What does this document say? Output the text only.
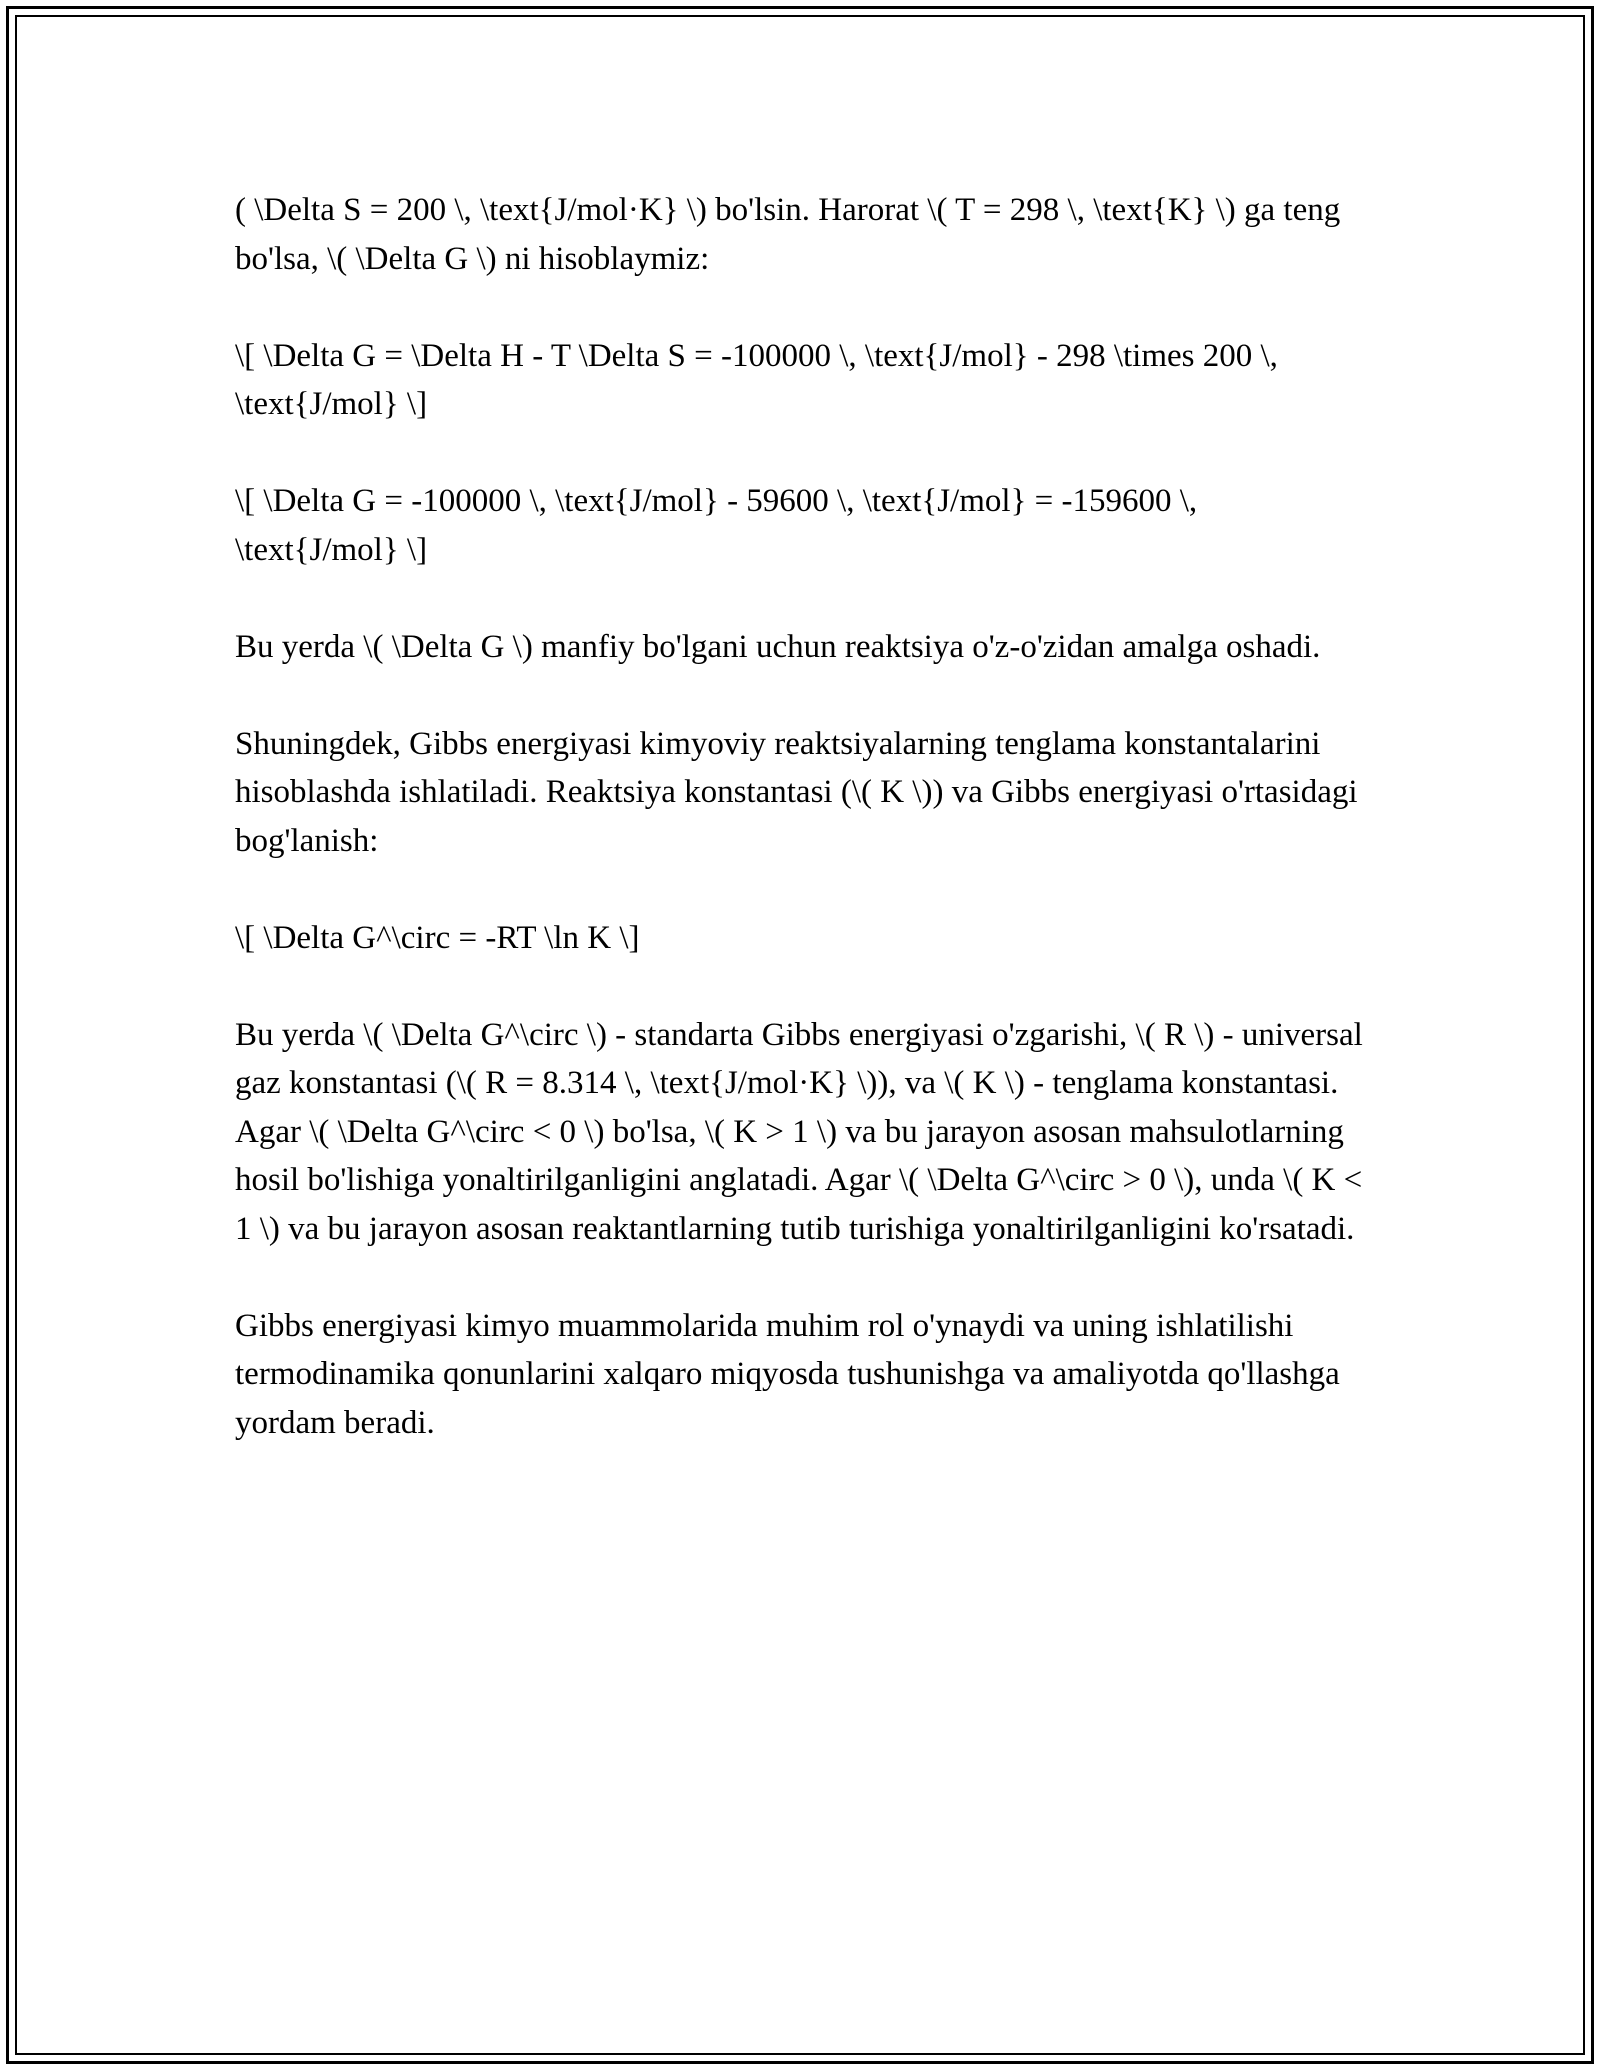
( \Delta S = 200 \, \text{J/mol·K} \) bo'lsin. Harorat \( T = 298 \, \text{K} \) ga teng bo'lsa, \( \Delta G \) ni hisoblaymiz:

\[ \Delta G = \Delta H - T \Delta S = -100000 \, \text{J/mol} - 298 \times 200 \, \text{J/mol} \]

\[ \Delta G = -100000 \, \text{J/mol} - 59600 \, \text{J/mol} = -159600 \, \text{J/mol} \]

Bu yerda \( \Delta G \) manfiy bo'lgani uchun reaktsiya o'z-o'zidan amalga oshadi.

Shuningdek, Gibbs energiyasi kimyoviy reaktsiyalarning tenglama konstantalarini hisoblashda ishlatiladi. Reaktsiya konstantasi (\( K \)) va Gibbs energiyasi o'rtasidagi bog'lanish:

\[ \Delta G^\circ = -RT \ln K \]

Bu yerda \( \Delta G^\circ \) - standarta Gibbs energiyasi o'zgarishi, \( R \) - universal gaz konstantasi (\( R = 8.314 \, \text{J/mol·K} \)), va \( K \) - tenglama konstantasi. Agar \( \Delta G^\circ < 0 \) bo'lsa, \( K > 1 \) va bu jarayon asosan mahsulotlarning hosil bo'lishiga yonaltirilganligini anglatadi. Agar \( \Delta G^\circ > 0 \), unda \( K < 1 \) va bu jarayon asosan reaktantlarning tutib turishiga yonaltirilganligini ko'rsatadi.

Gibbs energiyasi kimyo muammolarida muhim rol o'ynaydi va uning ishlatilishi termodinamika qonunlarini xalqaro miqyosda tushunishga va amaliyotda qo'llashga yordam beradi.
